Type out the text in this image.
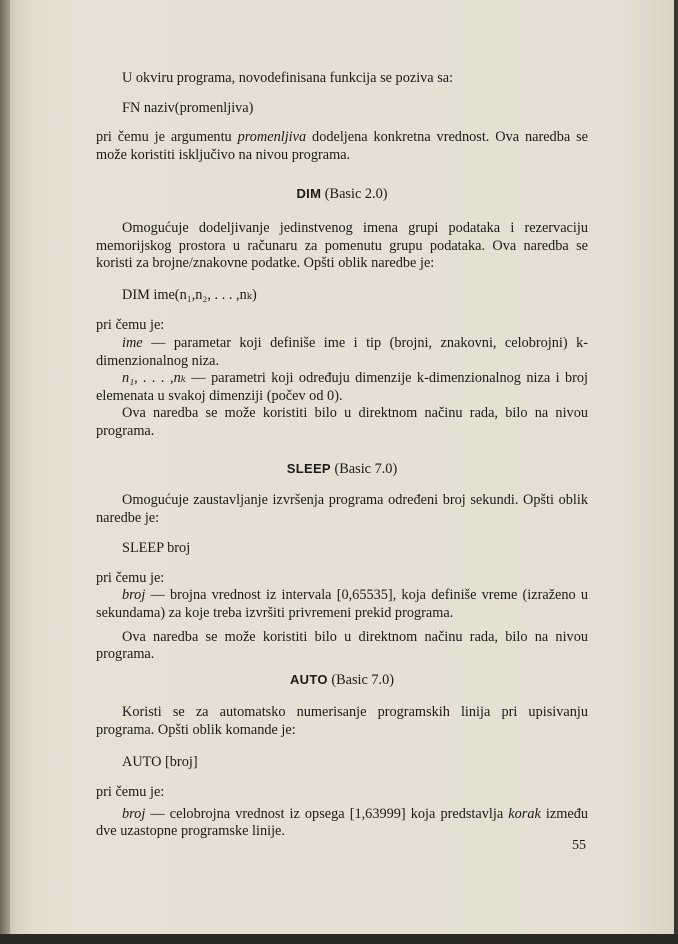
U okviru programa, novodefinisana funkcija se poziva sa:

FN naziv(promenljiva)

pri čemu je argumentu promenljiva dodeljena konkretna vrednost. Ova naredba se može koristiti isključivo na nivou programa.

DIM (Basic 2.0)

Omogućuje dodeljivanje jedinstvenog imena grupi podataka i rezervaciju memorijskog prostora u računaru za pomenutu grupu podataka. Ova naredba se koristi za brojne/znakovne podatke. Opšti oblik naredbe je:

DIM ime(n₁,n₂, . . . ,nₖ)

pri čemu je:

ime — parametar koji definiše ime i tip (brojni, znakovni, celobrojni) k-dimenzionalnog niza.

n₁, . . . ,nₖ — parametri koji određuju dimenzije k-dimenzionalnog niza i broj elemenata u svakoj dimenziji (počev od 0).

Ova naredba se može koristiti bilo u direktnom načinu rada, bilo na nivou programa.

SLEEP (Basic 7.0)

Omogućuje zaustavljanje izvršenja programa određeni broj sekundi. Opšti oblik naredbe je:

SLEEP broj

pri čemu je:

broj — brojna vrednost iz intervala [0,65535], koja definiše vreme (izraženo u sekundama) za koje treba izvršiti privremeni prekid programa.

Ova naredba se može koristiti bilo u direktnom načinu rada, bilo na nivou programa.

AUTO (Basic 7.0)

Koristi se za automatsko numerisanje programskih linija pri upisivanju programa. Opšti oblik komande je:

AUTO [broj]

pri čemu je:

broj — celobrojna vrednost iz opsega [1,63999] koja predstavlja korak između dve uzastopne programske linije.

55
